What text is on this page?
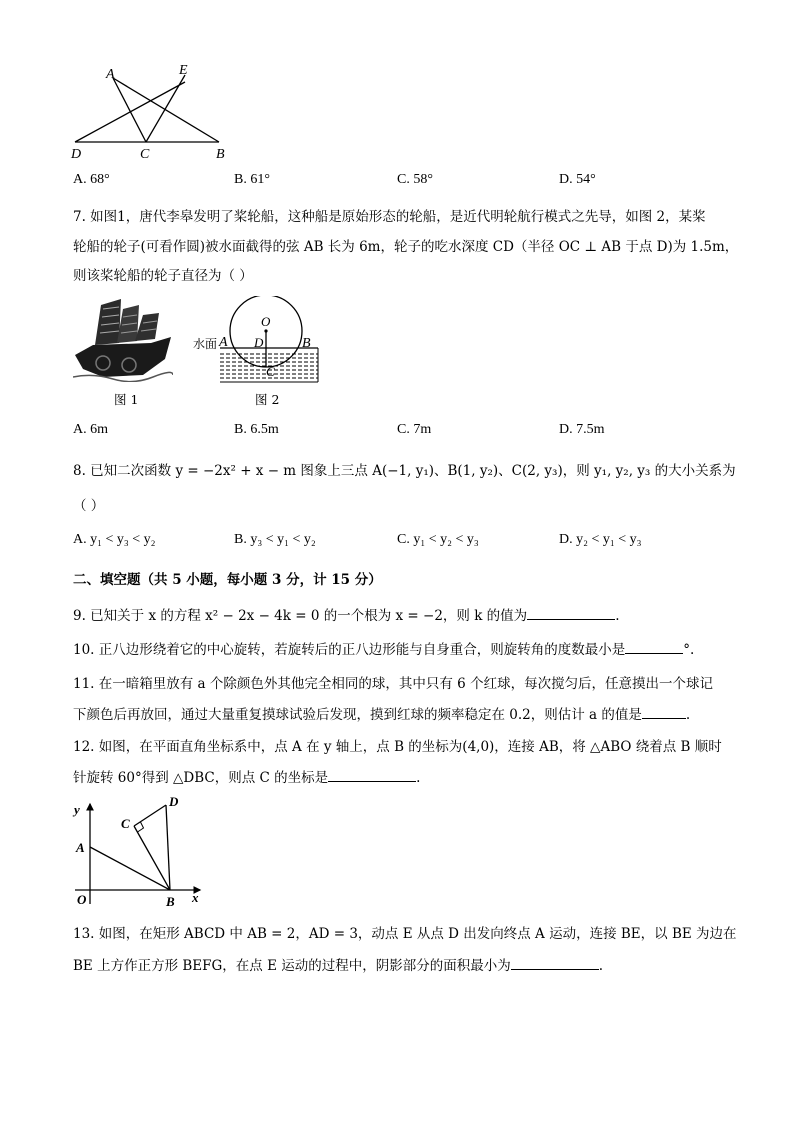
A	E
D	C	B
A. 68°	B. 61°	C. 58°	D. 54°
7. 如图1，唐代李皋发明了桨轮船，这种船是原始形态的轮船，是近代明轮航行模式之先导，如图 2，某桨
轮船的轮子(可看作圆)被水面截得的弦 AB 长为 6m，轮子的吃水深度 CD（半径 OC ⊥ AB 于点 D)为 1.5m，
则该桨轮船的轮子直径为（ ）
图 1
水面 A
O
D	B
C
图 2
A. 6m	B. 6.5m	C. 7m	D. 7.5m
8. 已知二次函数 y = −2x² + x − m 图象上三点 A(−1, y₁)、B(1, y₂)、C(2, y₃)，则 y₁, y₂, y₃ 的大小关系为
（ ）
A. y₁ < y₃ < y₂	B. y₃ < y₁ < y₂	C. y₁ < y₂ < y₃	D. y₂ < y₁ < y₃
二、填空题（共 5 小题，每小题 3 分，计 15 分）
9. 已知关于 x 的方程 x² − 2x − 4k = 0 的一个根为 x = −2，则 k 的值为	.
10. 正八边形绕着它的中心旋转，若旋转后的正八边形能与自身重合，则旋转角的度数最小是	°.
11. 在一暗箱里放有 a 个除颜色外其他完全相同的球，其中只有 6 个红球，每次搅匀后，任意摸出一个球记
下颜色后再放回，通过大量重复摸球试验后发现，摸到红球的频率稳定在 0.2，则估计 a 的值是	.
12. 如图，在平面直角坐标系中，点 A 在 y 轴上，点 B 的坐标为(4,0)，连接 AB，将 △ABO 绕着点 B 顺时
针旋转 60°得到 △DBC，则点 C 的坐标是	.
y
x
O
A
B
C
D
13. 如图，在矩形 ABCD 中 AB = 2，AD = 3，动点 E 从点 D 出发向终点 A 运动，连接 BE，以 BE 为边在
BE 上方作正方形 BEFG，在点 E 运动的过程中，阴影部分的面积最小为	.
